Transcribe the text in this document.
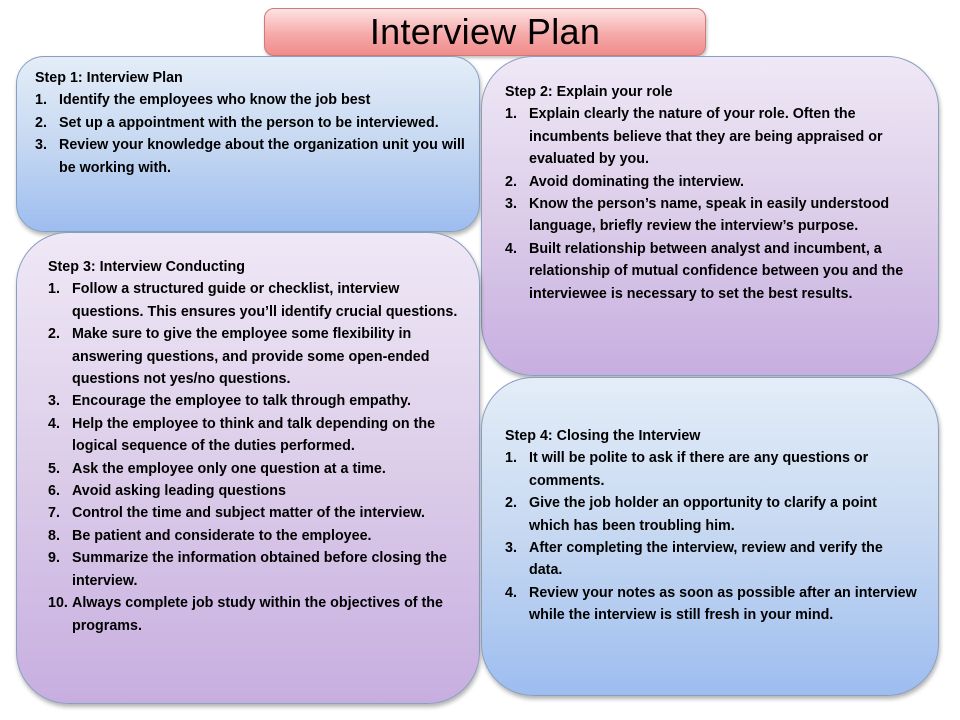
Interview Plan

Step 1: Interview Plan

1. Identify the employees who know the job best
2. Set up a appointment with the person to be interviewed.
3. Review your knowledge about the organization unit you will be working with.

Step 2: Explain your role

1. Explain clearly the nature of your role. Often the incumbents believe that they are being appraised or evaluated by you.
2. Avoid dominating the interview.
3. Know the person’s name, speak in easily understood language, briefly review the interview’s purpose.
4. Built relationship between analyst and incumbent, a relationship of mutual confidence between you and the interviewee is necessary to set the best results.

Step 3: Interview Conducting

1. Follow a structured guide or checklist, interview questions. This ensures you’ll identify crucial questions.
2. Make sure to give the employee some flexibility in answering questions, and provide some open-ended questions not yes/no questions.
3. Encourage the employee to talk through empathy.
4. Help the employee to think and talk depending on the logical sequence of the duties performed.
5. Ask the employee only one question at a time.
6. Avoid asking leading questions
7. Control the time and subject matter of the interview.
8. Be patient and considerate to the employee.
9. Summarize the information obtained before closing the interview.
10. Always complete job study within the objectives of the programs.

Step 4: Closing the Interview

1. It will be polite to ask if there are any questions or comments.
2. Give the job holder an opportunity to clarify a point which has been troubling him.
3. After completing the interview, review and verify the data.
4. Review your notes as soon as possible after an interview while the interview is still fresh in your mind.
